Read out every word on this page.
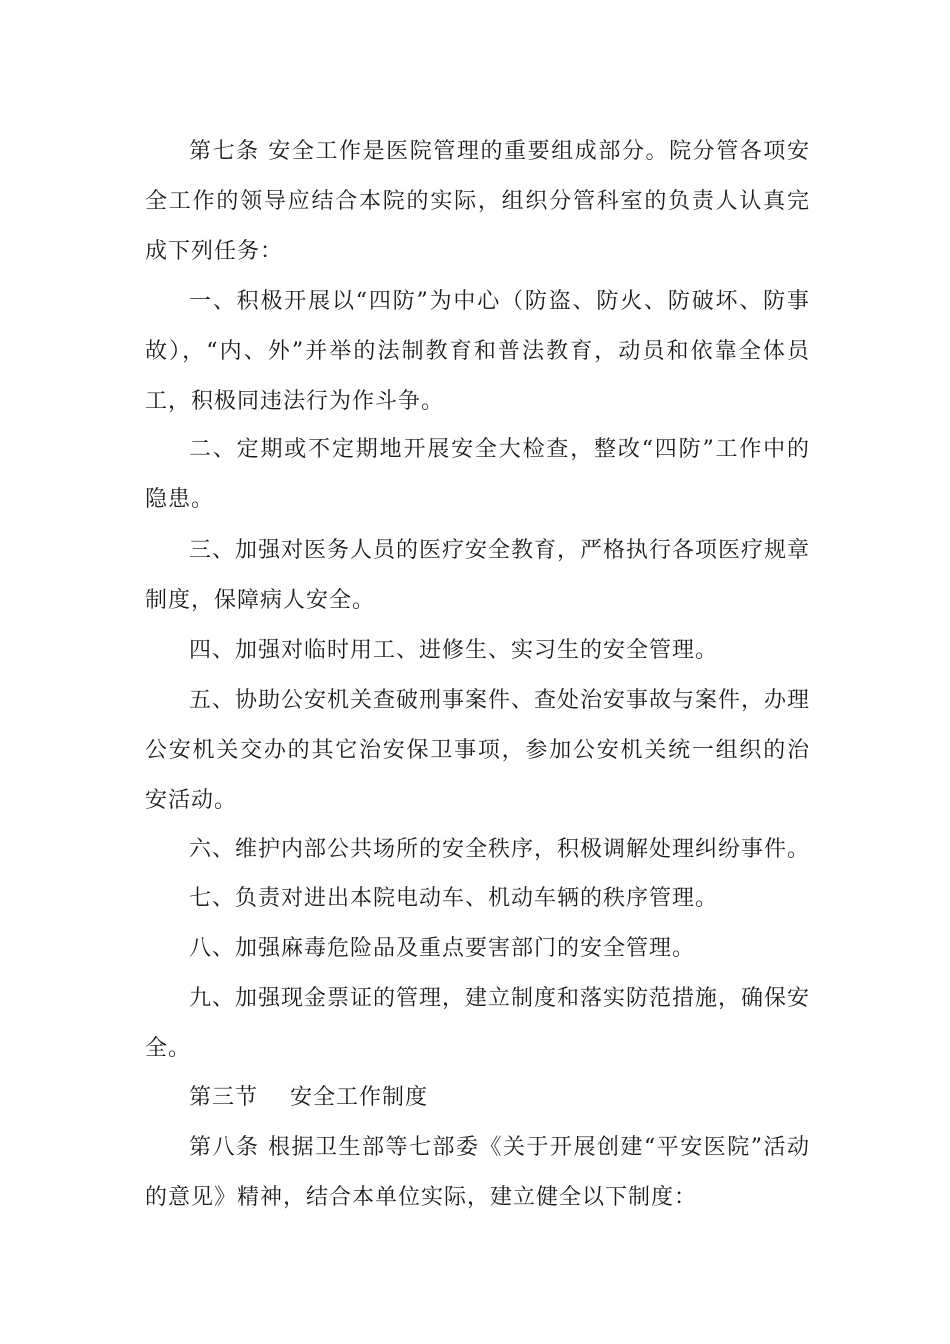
第七条 安全工作是医院管理的重要组成部分。院分管各项安全工作的领导应结合本院的实际，组织分管科室的负责人认真完成下列任务：

一、积极开展以“四防”为中心（防盗、防火、防破坏、防事故），“内、外”并举的法制教育和普法教育，动员和依靠全体员工，积极同违法行为作斗争。

二、定期或不定期地开展安全大检查，整改“四防”工作中的隐患。

三、加强对医务人员的医疗安全教育，严格执行各项医疗规章制度，保障病人安全。

四、加强对临时用工、进修生、实习生的安全管理。

五、协助公安机关查破刑事案件、查处治安事故与案件，办理公安机关交办的其它治安保卫事项，参加公安机关统一组织的治安活动。

六、维护内部公共场所的安全秩序，积极调解处理纠纷事件。

七、负责对进出本院电动车、机动车辆的秩序管理。

八、加强麻毒危险品及重点要害部门的安全管理。

九、加强现金票证的管理，建立制度和落实防范措施，确保安全。

第三节    安全工作制度

第八条 根据卫生部等七部委《关于开展创建“平安医院”活动的意见》精神，结合本单位实际，建立健全以下制度：
